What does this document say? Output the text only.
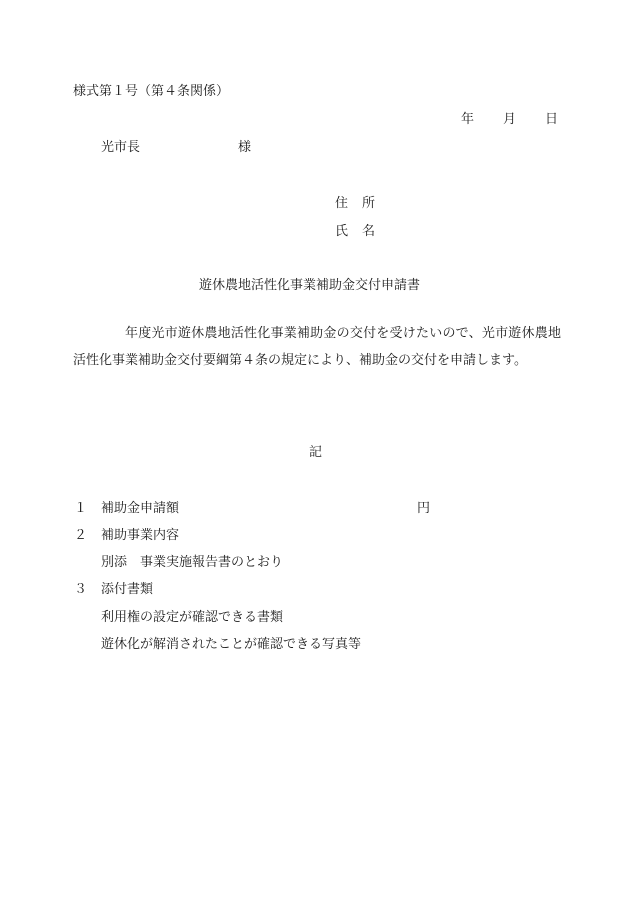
様式第１号（第４条関係）
年 月 日
光市長	様
住所
氏名
遊休農地活性化事業補助金交付申請書
年度光市遊休農地活性化事業補助金の交付を受けたいので、光市遊休農地活性化事業補助金交付要綱第４条の規定により、補助金の交付を申請します。
記
１ 補助金申請額	円
２ 補助事業内容
別添　事業実施報告書のとおり
３ 添付書類
利用権の設定が確認できる書類
遊休化が解消されたことが確認できる写真等
